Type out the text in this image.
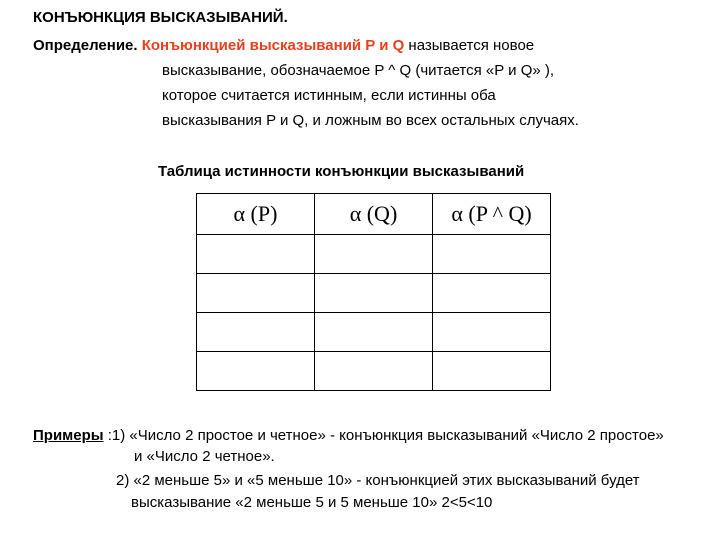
КОНЪЮНКЦИЯ ВЫСКАЗЫВАНИЙ.
Определение. Конъюнкцией высказываний P и Q называется новое
высказывание, обозначаемое P ^ Q (читается «P и Q» ),
которое считается истинным, если истинны оба
высказывания P и Q, и ложным во всех остальных случаях.
Таблица истинности конъюнкции высказываний
α (P)	α (Q)	α (P ^ Q)

Примеры :1) «Число 2 простое и четное» - конъюнкция высказываний «Число 2 простое»
и «Число 2 четное».
2) «2 меньше 5» и «5 меньше 10» - конъюнкцией этих высказываний будет
высказывание «2 меньше 5 и 5 меньше 10» 2<5<10
